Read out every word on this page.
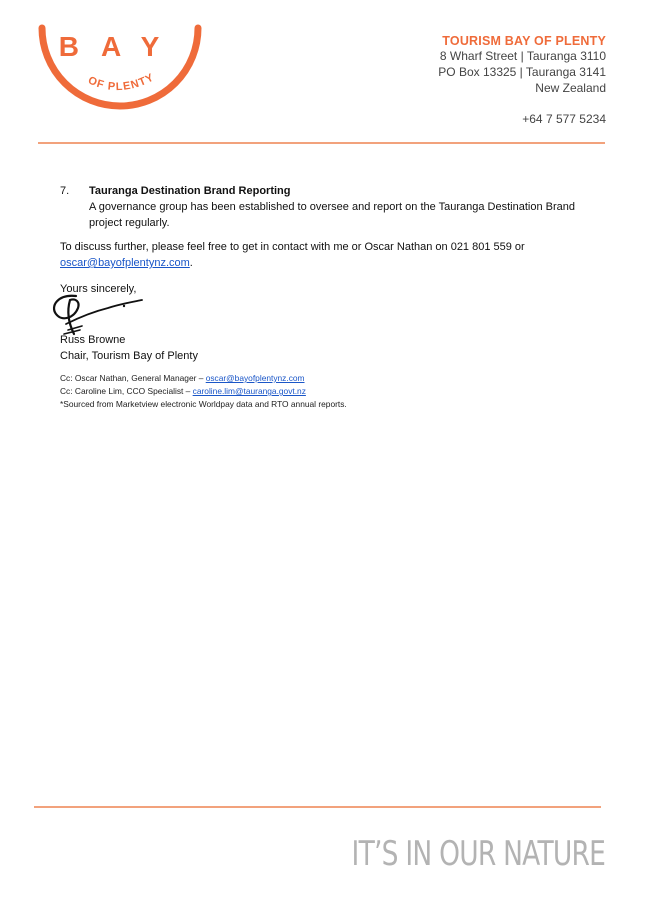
BAY
OF PLENTY
TOURISM BAY OF PLENTY
8 Wharf Street | Tauranga 3110
PO Box 13325 | Tauranga 3141
New Zealand
+64 7 577 5234
7. Tauranga Destination Brand Reporting
A governance group has been established to oversee and report on the Tauranga Destination Brand project regularly.
To discuss further, please feel free to get in contact with me or Oscar Nathan on 021 801 559 or
oscar@bayofplentynz.com.
Yours sincerely,
Russ Browne
Chair, Tourism Bay of Plenty
Cc: Oscar Nathan, General Manager – oscar@bayofplentynz.com
Cc: Caroline Lim, CCO Specialist – caroline.lim@tauranga.govt.nz
*Sourced from Marketview electronic Worldpay data and RTO annual reports.
IT’S IN OUR NATURE
